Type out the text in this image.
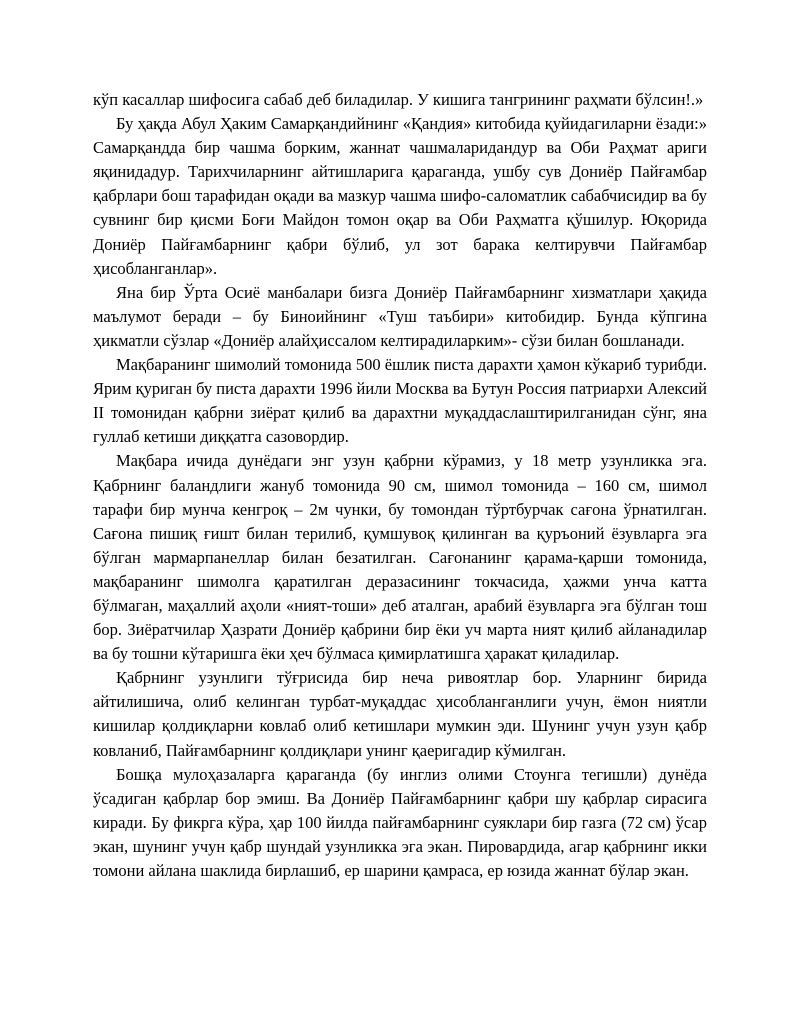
кўп касаллар шифосига сабаб деб биладилар. У кишига тангрининг раҳмати бўлсин!.»

Бу ҳақда Абул Ҳаким Самарқандийнинг «Қандия» китобида қуйидагиларни ёзади:» Самарқандда бир чашма борким, жаннат чашмаларидандур ва Оби Раҳмат ариги яқинидадур. Тарихчиларнинг айтишларига қараганда, ушбу сув Дониёр Пайғамбар қабрлари бош тарафидан оқади ва мазкур чашма шифо-саломатлик сабабчисидир ва бу сувнинг бир қисми Боғи Майдон томон оқар ва Оби Раҳматга қўшилур. Юқорида Дониёр Пайғамбарнинг қабри бўлиб, ул зот барака келтирувчи Пайғамбар ҳисобланганлар».

Яна бир Ўрта Осиё манбалари бизга Дониёр Пайғамбарнинг хизматлари ҳақида маълумот беради – бу Биноийнинг «Туш таъбири» китобидир. Бунда кўпгина ҳикматли сўзлар «Дониёр алайҳиссалом келтирадиларким»- сўзи билан бошланади.

Мақбаранинг шимолий томонида 500 ёшлик писта дарахти ҳамон кўкариб турибди. Ярим қуриган бу писта дарахти 1996 йили Москва ва Бутун Россия патриархи Алексий II томонидан қабрни зиёрат қилиб ва дарахтни муқаддаслаштирилганидан сўнг, яна гуллаб кетиши диққатга сазовордир.

Мақбара ичида дунёдаги энг узун қабрни кўрамиз, у 18 метр узунликка эга. Қабрнинг баландлиги жануб томонида 90 см, шимол томонида – 160 см, шимол тарафи бир мунча кенгроқ – 2м чунки, бу томондан тўртбурчак сағона ўрнатилган. Сағона пишиқ ғишт билан терилиб, қумшувоқ қилинган ва қуръоний ёзувларга эга бўлган мармарпанеллар билан безатилган. Сағонанинг қарама-қарши томонида, мақбаранинг шимолга қаратилган деразасининг токчасида, ҳажми унча катта бўлмаган, маҳаллий аҳоли «ният-тоши» деб аталган, арабий ёзувларга эга бўлган тош бор. Зиёратчилар Ҳазрати Дониёр қабрини бир ёки уч марта ният қилиб айланадилар ва бу тошни кўтаришга ёки ҳеч бўлмаса қимирлатишга ҳаракат қиладилар.

Қабрнинг узунлиги тўғрисида бир неча ривоятлар бор. Уларнинг бирида айтилишича, олиб келинган турбат-муқаддас ҳисобланганлиги учун, ёмон ниятли кишилар қолдиқларни ковлаб олиб кетишлари мумкин эди. Шунинг учун узун қабр ковланиб, Пайғамбарнинг қолдиқлари унинг қаеригадир кўмилган.

Бошқа мулоҳазаларга қараганда (бу инглиз олими Стоунга тегишли) дунёда ўсадиган қабрлар бор эмиш. Ва Дониёр Пайғамбарнинг қабри шу қабрлар сирасига киради. Бу фикрга кўра, ҳар 100 йилда пайғамбарнинг суяклари бир газга (72 см) ўсар экан, шунинг учун қабр шундай узунликка эга экан. Пировардида, агар қабрнинг икки томони айлана шаклида бирлашиб, ер шарини қамраса, ер юзида жаннат бўлар экан.
